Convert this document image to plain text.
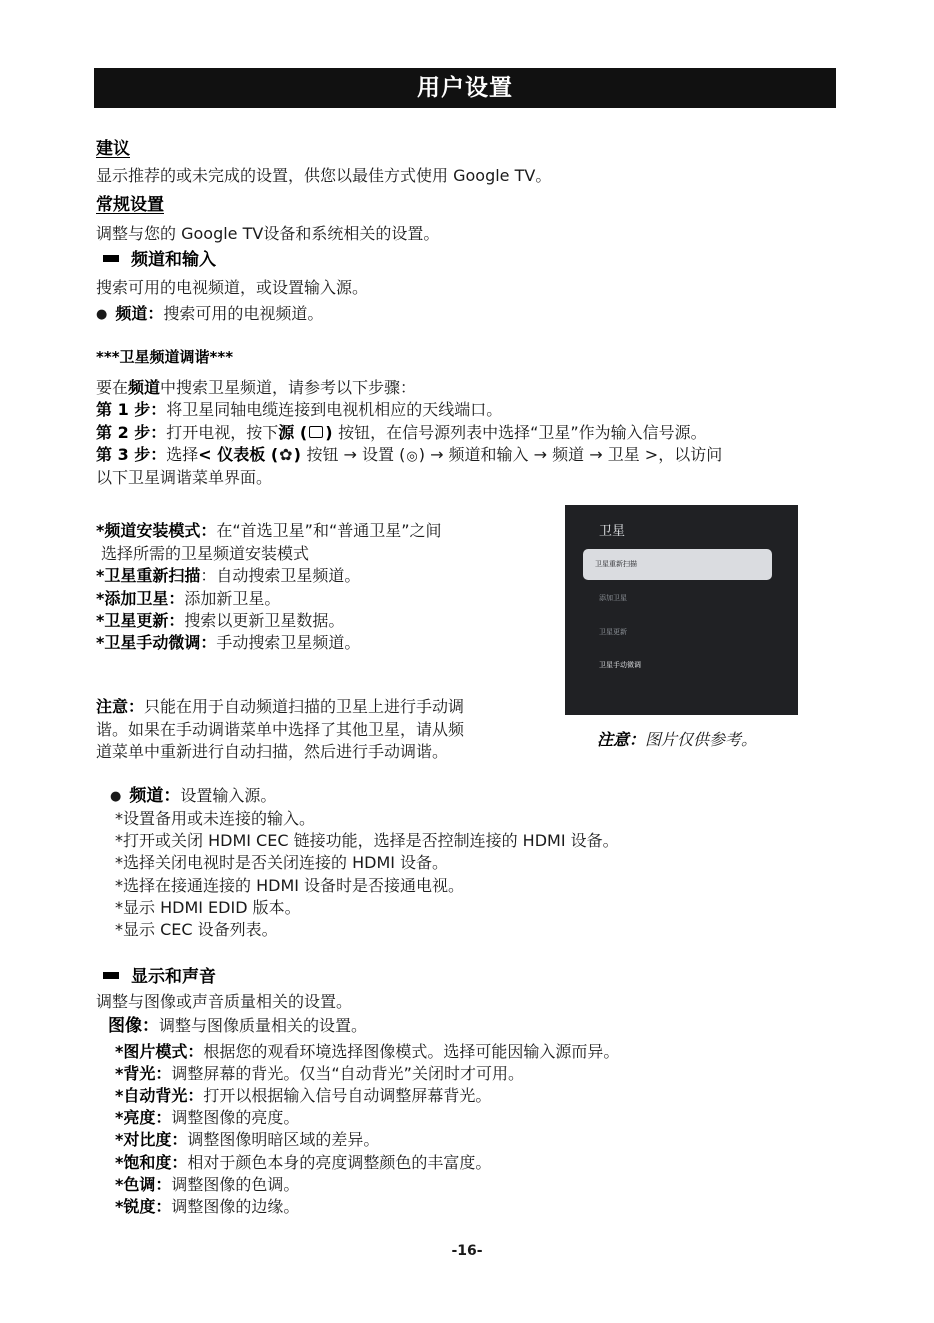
用户设置
建议
显示推荐的或未完成的设置，供您以最佳方式使用 Google TV。
常规设置
调整与您的 Google TV设备和系统相关的设置。
频道和输入
搜索可用的电视频道，或设置输入源。
● 频道：搜索可用的电视频道。
***卫星频道调谐***
要在频道中搜索卫星频道，请参考以下步骤：
第 1 步：将卫星同轴电缆连接到电视机相应的天线端口。
第 2 步：打开电视，按下源 ( ) 按钮，在信号源列表中选择“卫星”作为输入信号源。
第 3 步：选择< 仪表板 (✿) 按钮 → 设置 (◎) → 频道和输入 → 频道 → 卫星 >，以访问
以下卫星调谐菜单界面。
*频道安装模式：在“首选卫星”和“普通卫星”之间
选择所需的卫星频道安装模式
*卫星重新扫描：自动搜索卫星频道。
*添加卫星：添加新卫星。
*卫星更新：搜索以更新卫星数据。
*卫星手动微调：手动搜索卫星频道。
注意：只能在用于自动频道扫描的卫星上进行手动调
谐。如果在手动调谐菜单中选择了其他卫星，请从频
道菜单中重新进行自动扫描，然后进行手动调谐。
卫星
卫星重新扫描
添加卫星
卫星更新
卫星手动微调
注意：图片仅供参考。
● 频道：设置输入源。
*设置备用或未连接的输入。
*打开或关闭 HDMI CEC 链接功能，选择是否控制连接的 HDMI 设备。
*选择关闭电视时是否关闭连接的 HDMI 设备。
*选择在接通连接的 HDMI 设备时是否接通电视。
*显示 HDMI EDID 版本。
*显示 CEC 设备列表。
显示和声音
调整与图像或声音质量相关的设置。
图像：调整与图像质量相关的设置。
*图片模式：根据您的观看环境选择图像模式。选择可能因输入源而异。
*背光：调整屏幕的背光。仅当“自动背光”关闭时才可用。
*自动背光：打开以根据输入信号自动调整屏幕背光。
*亮度：调整图像的亮度。
*对比度：调整图像明暗区域的差异。
*饱和度：相对于颜色本身的亮度调整颜色的丰富度。
*色调：调整图像的色调。
*锐度：调整图像的边缘。
-16-
